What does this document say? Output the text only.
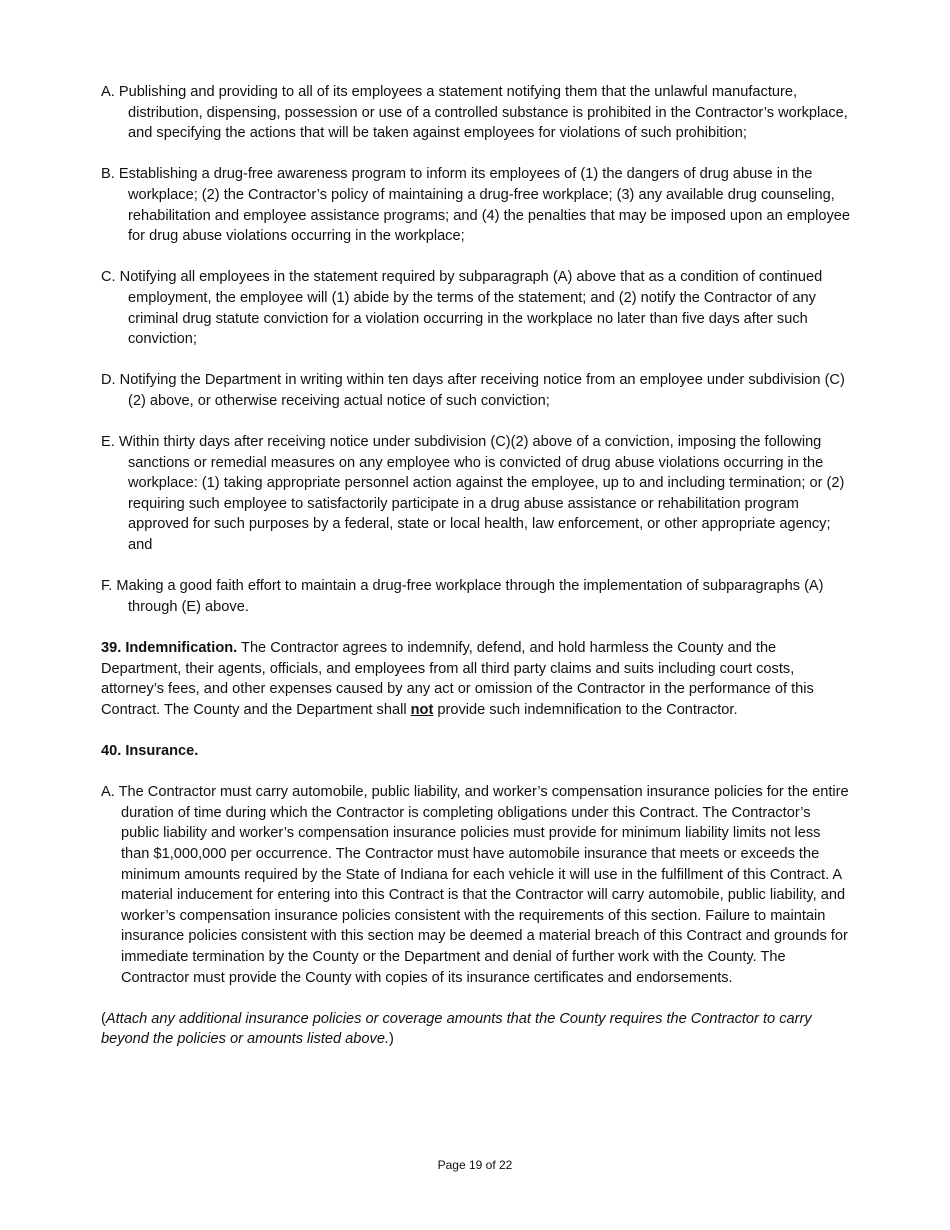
A. Publishing and providing to all of its employees a statement notifying them that the unlawful manufacture, distribution, dispensing, possession or use of a controlled substance is prohibited in the Contractor’s workplace, and specifying the actions that will be taken against employees for violations of such prohibition;
B. Establishing a drug-free awareness program to inform its employees of (1) the dangers of drug abuse in the workplace; (2) the Contractor’s policy of maintaining a drug-free workplace; (3) any available drug counseling, rehabilitation and employee assistance programs; and (4) the penalties that may be imposed upon an employee for drug abuse violations occurring in the workplace;
C. Notifying all employees in the statement required by subparagraph (A) above that as a condition of continued employment, the employee will (1) abide by the terms of the statement; and (2) notify the Contractor of any criminal drug statute conviction for a violation occurring in the workplace no later than five days after such conviction;
D. Notifying the Department in writing within ten days after receiving notice from an employee under subdivision (C)(2) above, or otherwise receiving actual notice of such conviction;
E. Within thirty days after receiving notice under subdivision (C)(2) above of a conviction, imposing the following sanctions or remedial measures on any employee who is convicted of drug abuse violations occurring in the workplace: (1) taking appropriate personnel action against the employee, up to and including termination; or (2) requiring such employee to satisfactorily participate in a drug abuse assistance or rehabilitation program approved for such purposes by a federal, state or local health, law enforcement, or other appropriate agency; and
F. Making a good faith effort to maintain a drug-free workplace through the implementation of subparagraphs (A) through (E) above.
39. Indemnification. The Contractor agrees to indemnify, defend, and hold harmless the County and the Department, their agents, officials, and employees from all third party claims and suits including court costs, attorney’s fees, and other expenses caused by any act or omission of the Contractor in the performance of this Contract. The County and the Department shall not provide such indemnification to the Contractor.
40. Insurance.
A. The Contractor must carry automobile, public liability, and worker’s compensation insurance policies for the entire duration of time during which the Contractor is completing obligations under this Contract. The Contractor’s public liability and worker’s compensation insurance policies must provide for minimum liability limits not less than $1,000,000 per occurrence. The Contractor must have automobile insurance that meets or exceeds the minimum amounts required by the State of Indiana for each vehicle it will use in the fulfillment of this Contract. A material inducement for entering into this Contract is that the Contractor will carry automobile, public liability, and worker’s compensation insurance policies consistent with the requirements of this section. Failure to maintain insurance policies consistent with this section may be deemed a material breach of this Contract and grounds for immediate termination by the County or the Department and denial of further work with the County. The Contractor must provide the County with copies of its insurance certificates and endorsements.
(Attach any additional insurance policies or coverage amounts that the County requires the Contractor to carry beyond the policies or amounts listed above.)
Page 19 of 22
